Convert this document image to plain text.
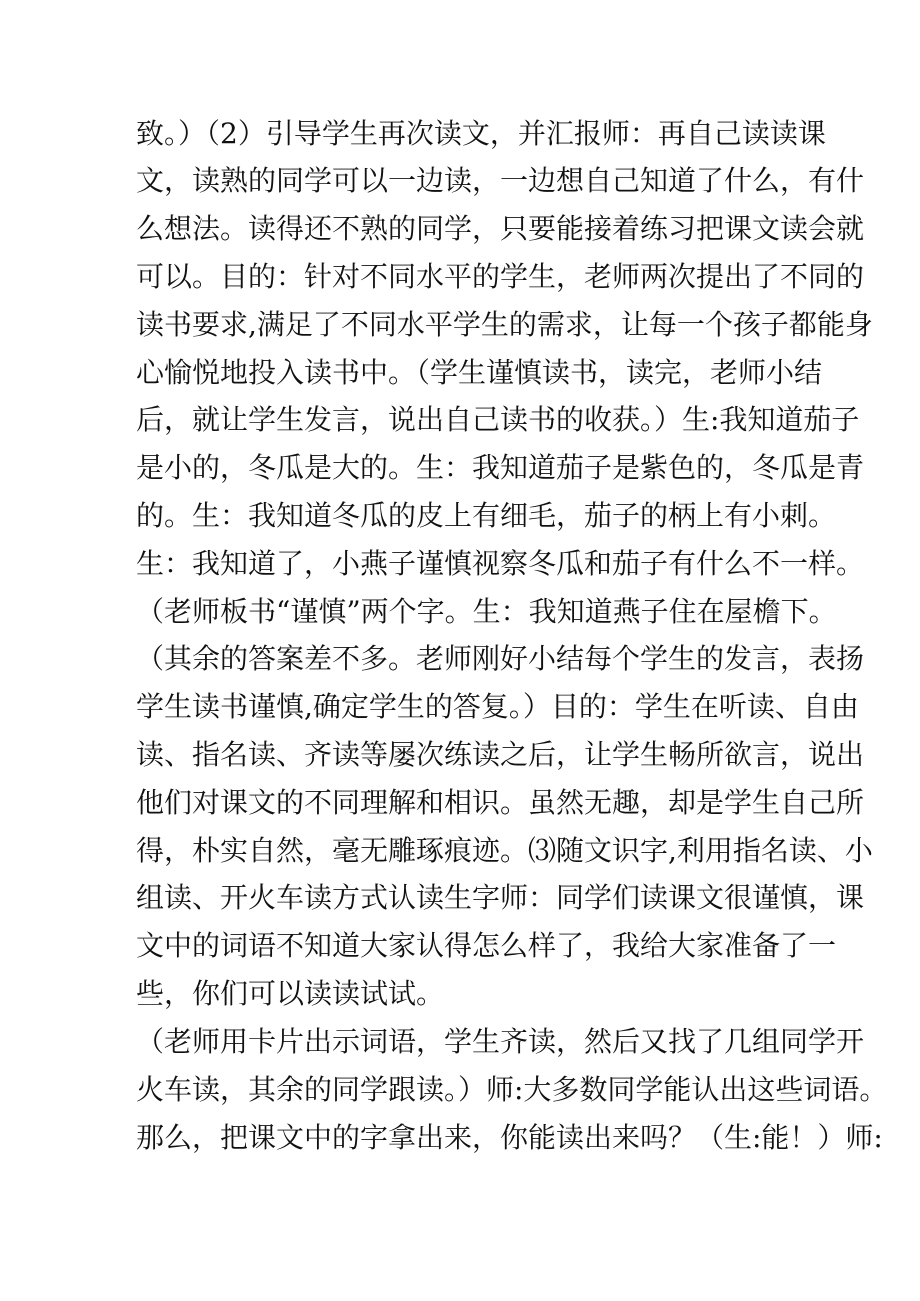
致。）（2）引导学生再次读文，并汇报师：再自己读读课

文，读熟的同学可以一边读，一边想自己知道了什么，有什

么想法。读得还不熟的同学，只要能接着练习把课文读会就

可以。目的：针对不同水平的学生，老师两次提出了不同的

读书要求,满足了不同水平学生的需求，让每一个孩子都能身

心愉悦地投入读书中。（学生谨慎读书，读完，老师小结

后，就让学生发言，说出自己读书的收获。）生:我知道茄子

是小的，冬瓜是大的。生：我知道茄子是紫色的，冬瓜是青

的。生：我知道冬瓜的皮上有细毛，茄子的柄上有小刺。

生：我知道了，小燕子谨慎视察冬瓜和茄子有什么不一样。

（老师板书“谨慎”两个字。生：我知道燕子住在屋檐下。

（其余的答案差不多。老师刚好小结每个学生的发言，表扬

学生读书谨慎,确定学生的答复。）目的：学生在听读、自由

读、指名读、齐读等屡次练读之后，让学生畅所欲言，说出

他们对课文的不同理解和相识。虽然无趣，却是学生自己所

得，朴实自然，毫无雕琢痕迹。⑶随文识字,利用指名读、小

组读、开火车读方式认读生字师：同学们读课文很谨慎，课

文中的词语不知道大家认得怎么样了，我给大家准备了一

些，你们可以读读试试。

（老师用卡片出示词语，学生齐读，然后又找了几组同学开

火车读，其余的同学跟读。）师:大多数同学能认出这些词语。

那么，把课文中的字拿出来，你能读出来吗？（生:能！）师:
